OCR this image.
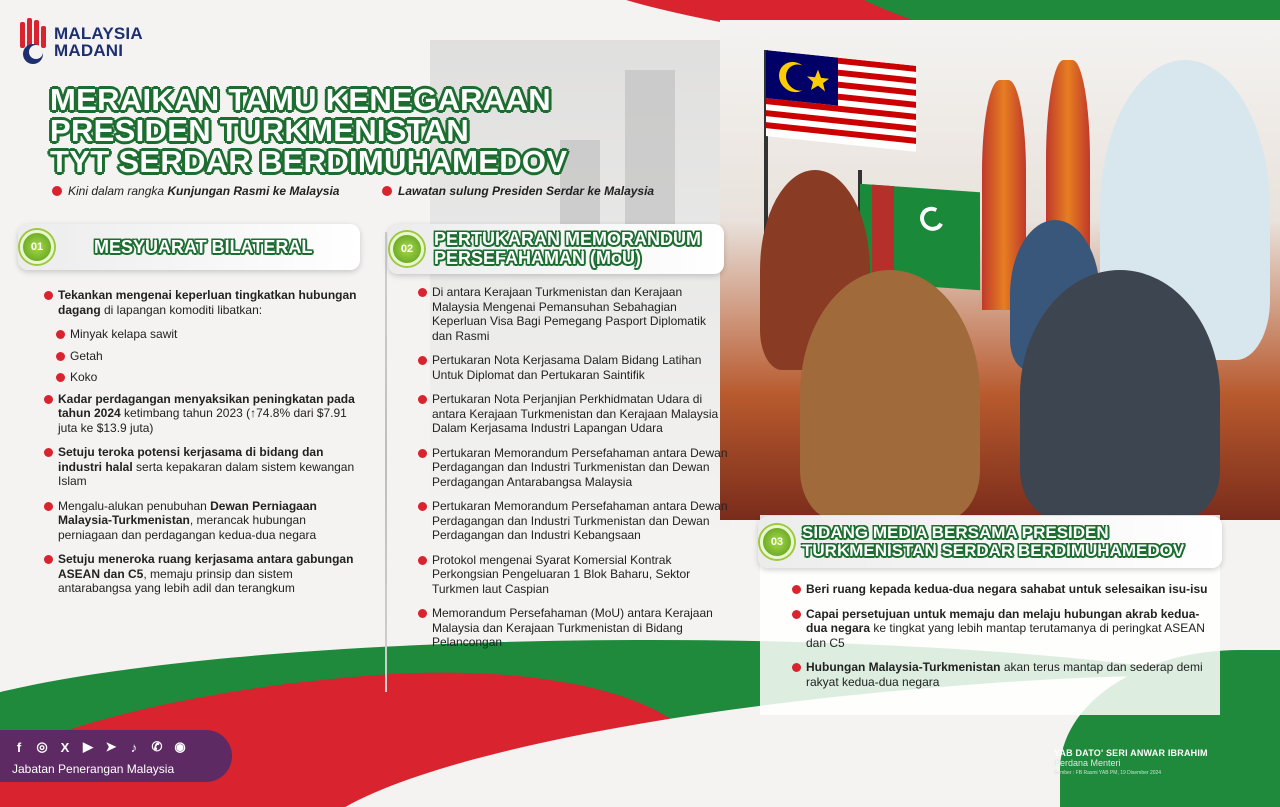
MALAYSIA
MADANI
MERAIKAN TAMU KENEGARAAN
PRESIDEN TURKMENISTAN
TYT SERDAR BERDIMUHAMEDOV
Kini dalam rangka Kunjungan Rasmi ke Malaysia	Lawatan sulung Presiden Serdar ke Malaysia
01	MESYUARAT BILATERAL
Tekankan mengenai keperluan tingkatkan hubungan dagang di lapangan komoditi libatkan:
Minyak kelapa sawit
Getah
Koko
Kadar perdagangan menyaksikan peningkatan pada tahun 2024 ketimbang tahun 2023 (↑74.8% dari $7.91 juta ke $13.9 juta)
Setuju teroka potensi kerjasama di bidang dan industri halal serta kepakaran dalam sistem kewangan Islam
Mengalu-alukan penubuhan Dewan Perniagaan Malaysia-Turkmenistan, merancak hubungan perniagaan dan perdagangan kedua-dua negara
Setuju meneroka ruang kerjasama antara gabungan ASEAN dan C5, memaju prinsip dan sistem antarabangsa yang lebih adil dan terangkum
02	PERTUKARAN MEMORANDUM
PERSEFAHAMAN (MoU)
Di antara Kerajaan Turkmenistan dan Kerajaan Malaysia Mengenai Pemansuhan Sebahagian Keperluan Visa Bagi Pemegang Pasport Diplomatik dan Rasmi
Pertukaran Nota Kerjasama Dalam Bidang Latihan Untuk Diplomat dan Pertukaran Saintifik
Pertukaran Nota Perjanjian Perkhidmatan Udara di antara Kerajaan Turkmenistan dan Kerajaan Malaysia Dalam Kerjasama Industri Lapangan Udara
Pertukaran Memorandum Persefahaman antara Dewan Perdagangan dan Industri Turkmenistan dan Dewan Perdagangan Antarabangsa Malaysia
Pertukaran Memorandum Persefahaman antara Dewan Perdagangan dan Industri Turkmenistan dan Dewan Perdagangan dan Industri Kebangsaan
Protokol mengenai Syarat Komersial Kontrak Perkongsian Pengeluaran 1 Blok Baharu, Sektor Turkmen laut Caspian
Memorandum Persefahaman (MoU) antara Kerajaan Malaysia dan Kerajaan Turkmenistan di Bidang Pelancongan
03	SIDANG MEDIA BERSAMA PRESIDEN
TURKMENISTAN SERDAR BERDIMUHAMEDOV
Beri ruang kepada kedua-dua negara sahabat untuk selesaikan isu-isu
Capai persetujuan untuk memaju dan melaju hubungan akrab kedua-dua negara ke tingkat yang lebih mantap terutamanya di peringkat ASEAN dan C5
Hubungan Malaysia-Turkmenistan akan terus mantap dan sederap demi rakyat kedua-dua negara
f	◎ X ▶ ➤ ♪ ✆ ◉
Jabatan Penerangan Malaysia
YAB DATO' SERI ANWAR IBRAHIM
Perdana Menteri
Sumber : FB Rasmi YAB PM, 19 Disember 2024
